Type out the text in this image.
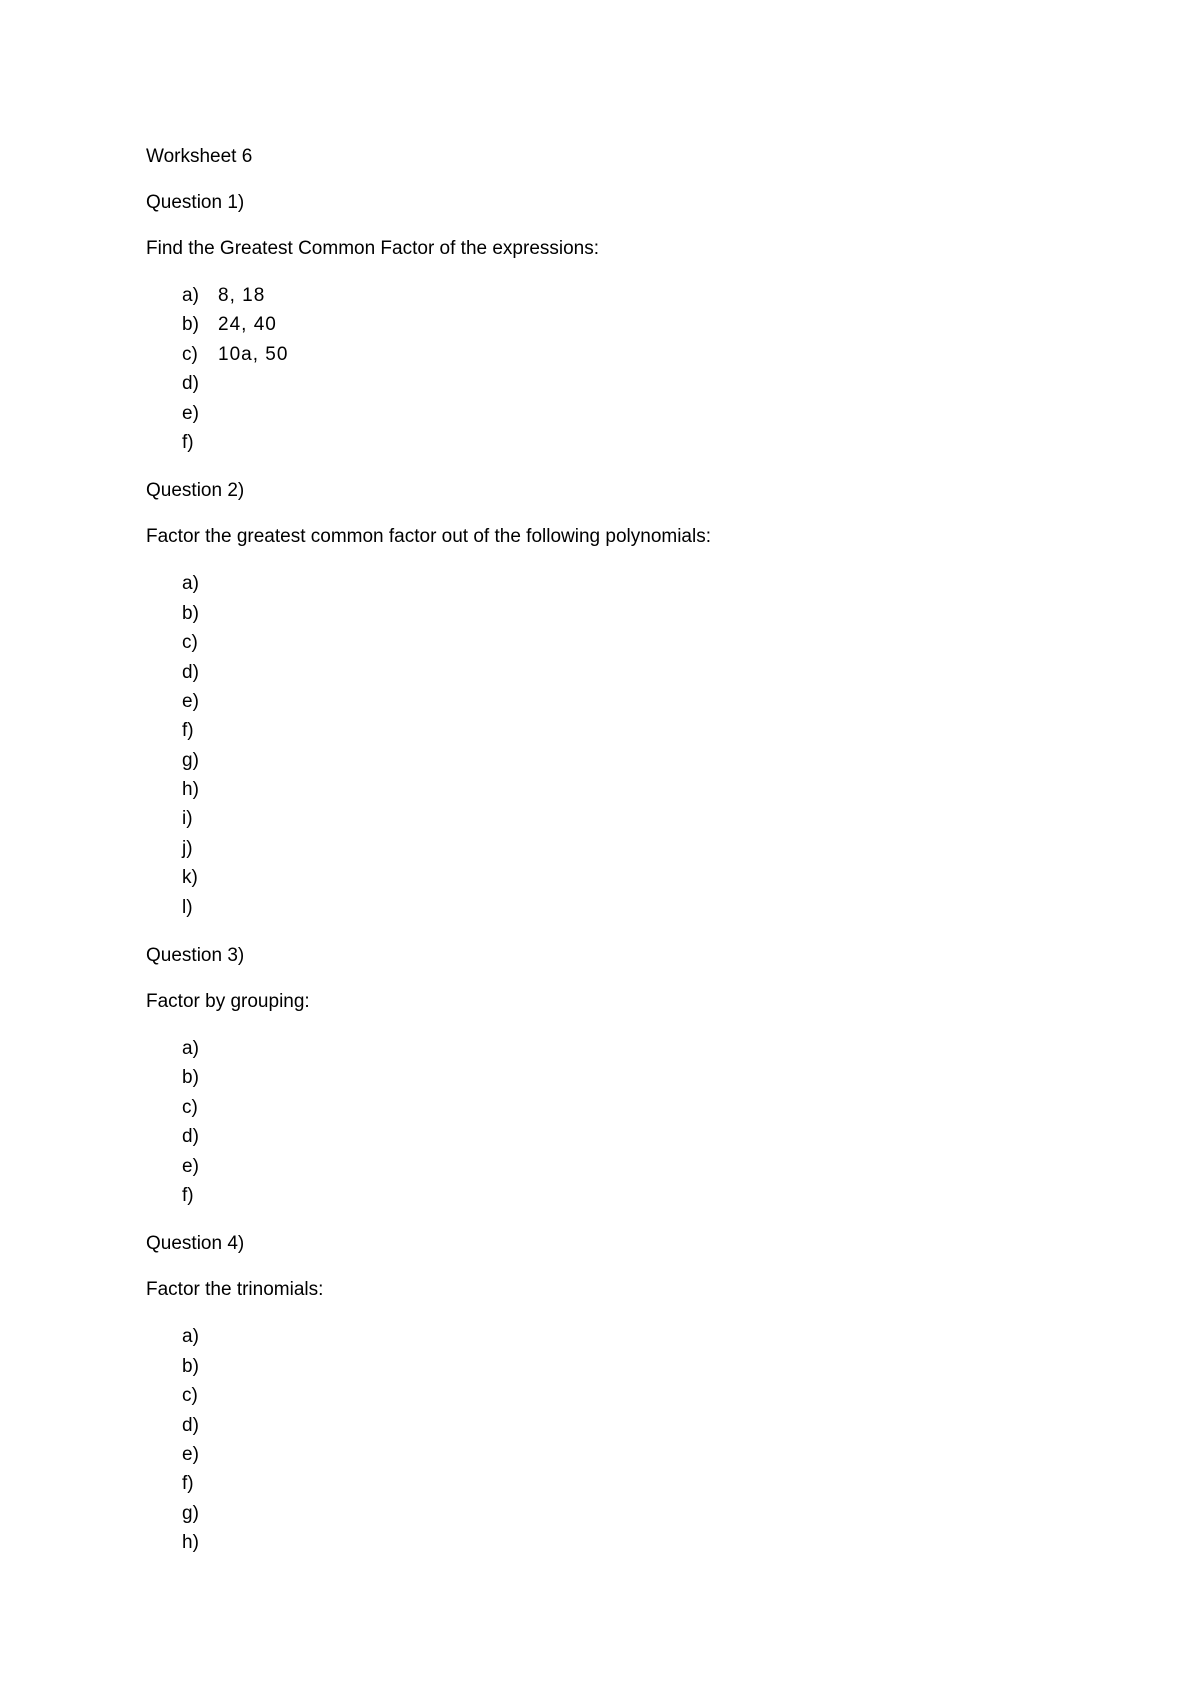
Worksheet 6
Question 1)
Find the Greatest Common Factor of the expressions:
a)	8, 18
b)	24, 40
c)	10a, 50
d)
e)
f)
Question 2)
Factor the greatest common factor out of the following polynomials:
a)
b)
c)
d)
e)
f)
g)
h)
i)
j)
k)
l)
Question 3)
Factor by grouping:
a)
b)
c)
d)
e)
f)
Question 4)
Factor the trinomials:
a)
b)
c)
d)
e)
f)
g)
h)
